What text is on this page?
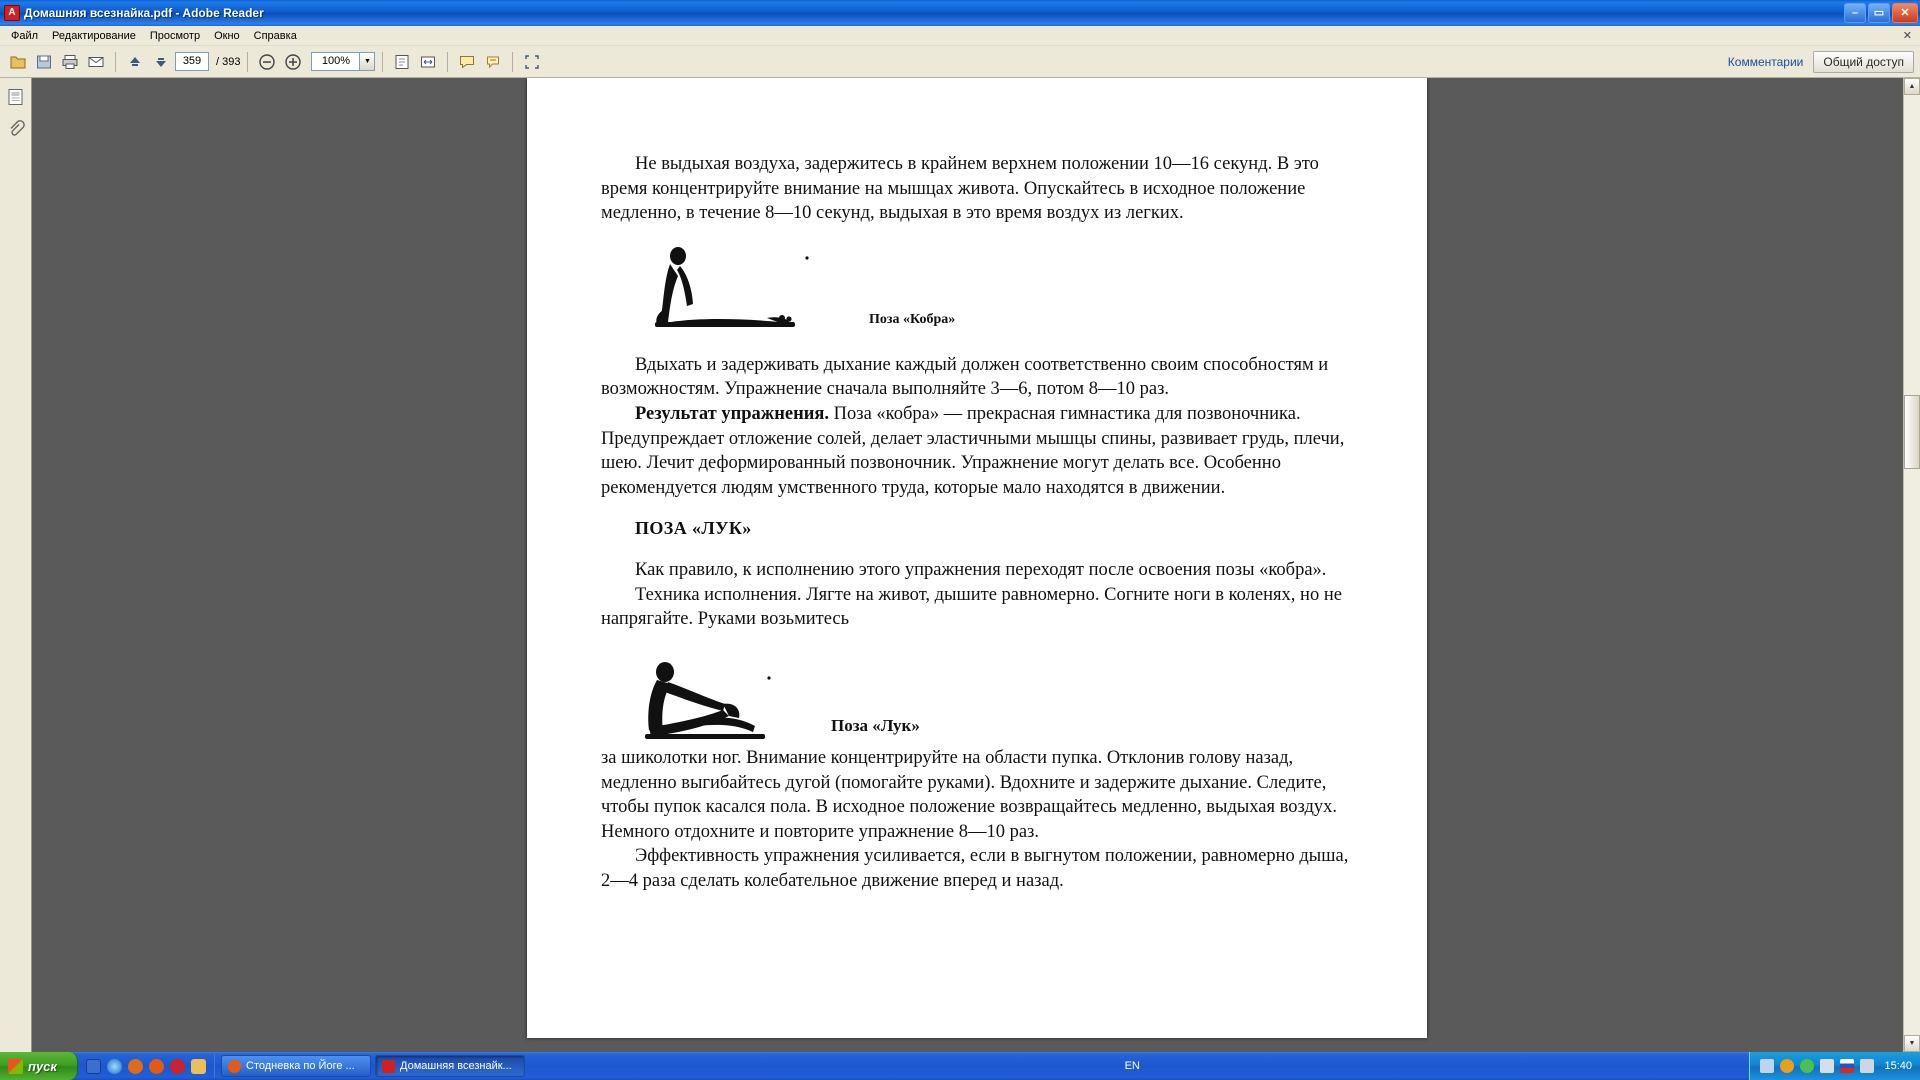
A Домашняя всезнайка.pdf - Adobe Reader	–	▭	✕
Файл	Редактирование	Просмотр	Окно	Справка	✕
359	/ 393	100%	▼	Комментарии	Общий доступ

Не выдыхая воздуха, задержитесь в крайнем верхнем положении 10—16 секунд. В это время концентрируйте внимание на мышцах живота. Опускайтесь в исходное положение медленно, в течение 8—10 секунд, выдыхая в это время воздух из легких.

Поза «Кобра»

Вдыхать и задерживать дыхание каждый должен соответственно своим способностям и возможностям. Упражнение сначала выполняйте 3—6, потом 8—10 раз.

Результат упражнения. Поза «кобра» — прекрасная гимнастика для позвоночника. Предупреждает отложение солей, делает эластичными мышцы спины, развивает грудь, плечи, шею. Лечит деформированный позвоночник. Упражнение могут делать все. Особенно рекомендуется людям умственного труда, которые мало находятся в движении.

ПОЗА «ЛУК»

Как правило, к исполнению этого упражнения переходят после освоения позы «кобра».

Техника исполнения. Лягте на живот, дышите равномерно. Согните ноги в коленях, но не напрягайте. Руками возьмитесь

Поза «Лук»

за шиколотки ног. Внимание концентрируйте на области пупка. Отклонив голову назад, медленно выгибайтесь дугой (помогайте руками). Вдохните и задержите дыхание. Следите, чтобы пупок касался пола. В исходное положение возвращайтесь медленно, выдыхая воздух. Немного отдохните и повторите упражнение 8—10 раз.

Эффективность упражнения усиливается, если в выгнутом положении, равномерно дыша, 2—4 раза сделать колебательное движение вперед и назад.

▲
▼
пуск	Стодневка по Йоге ...	Домашняя всезнайк...	EN	15:40
